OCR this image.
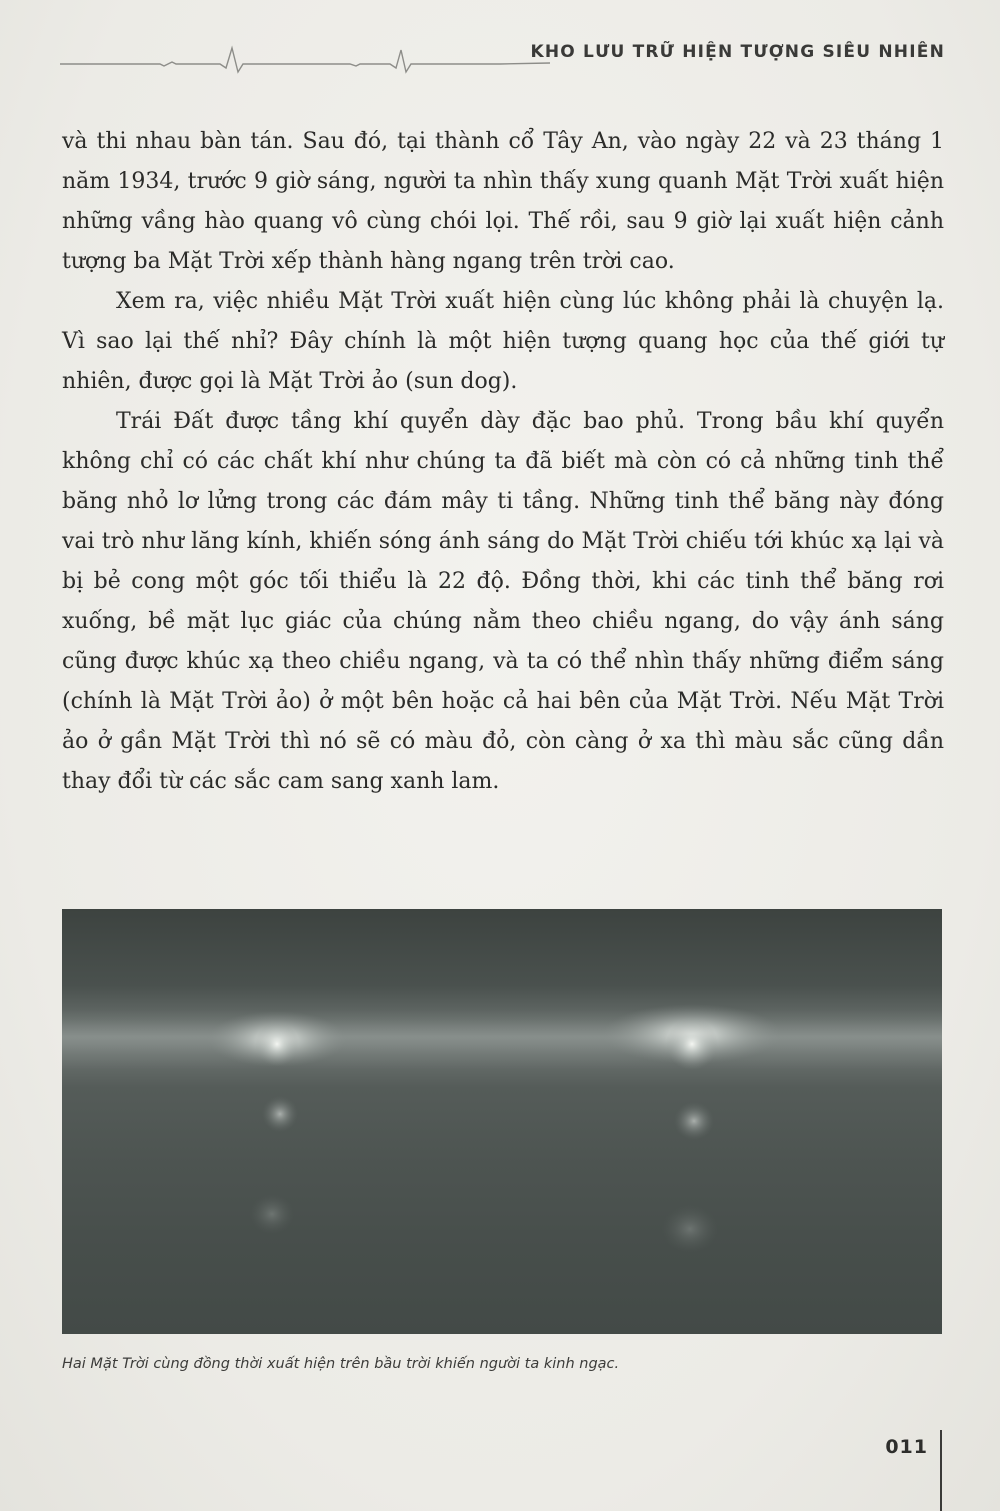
KHO LƯU TRỮ HIỆN TƯỢNG SIÊU NHIÊN

và thi nhau bàn tán. Sau đó, tại thành cổ Tây An, vào ngày 22 và 23 tháng 1 năm 1934, trước 9 giờ sáng, người ta nhìn thấy xung quanh Mặt Trời xuất hiện những vầng hào quang vô cùng chói lọi. Thế rồi, sau 9 giờ lại xuất hiện cảnh tượng ba Mặt Trời xếp thành hàng ngang trên trời cao.

Xem ra, việc nhiều Mặt Trời xuất hiện cùng lúc không phải là chuyện lạ. Vì sao lại thế nhỉ? Đây chính là một hiện tượng quang học của thế giới tự nhiên, được gọi là Mặt Trời ảo (sun dog).

Trái Đất được tầng khí quyển dày đặc bao phủ. Trong bầu khí quyển không chỉ có các chất khí như chúng ta đã biết mà còn có cả những tinh thể băng nhỏ lơ lửng trong các đám mây ti tầng. Những tinh thể băng này đóng vai trò như lăng kính, khiến sóng ánh sáng do Mặt Trời chiếu tới khúc xạ lại và bị bẻ cong một góc tối thiểu là 22 độ. Đồng thời, khi các tinh thể băng rơi xuống, bề mặt lục giác của chúng nằm theo chiều ngang, do vậy ánh sáng cũng được khúc xạ theo chiều ngang, và ta có thể nhìn thấy những điểm sáng (chính là Mặt Trời ảo) ở một bên hoặc cả hai bên của Mặt Trời. Nếu Mặt Trời ảo ở gần Mặt Trời thì nó sẽ có màu đỏ, còn càng ở xa thì màu sắc cũng dần thay đổi từ các sắc cam sang xanh lam.

Hai Mặt Trời cùng đồng thời xuất hiện trên bầu trời khiến người ta kinh ngạc.
011
